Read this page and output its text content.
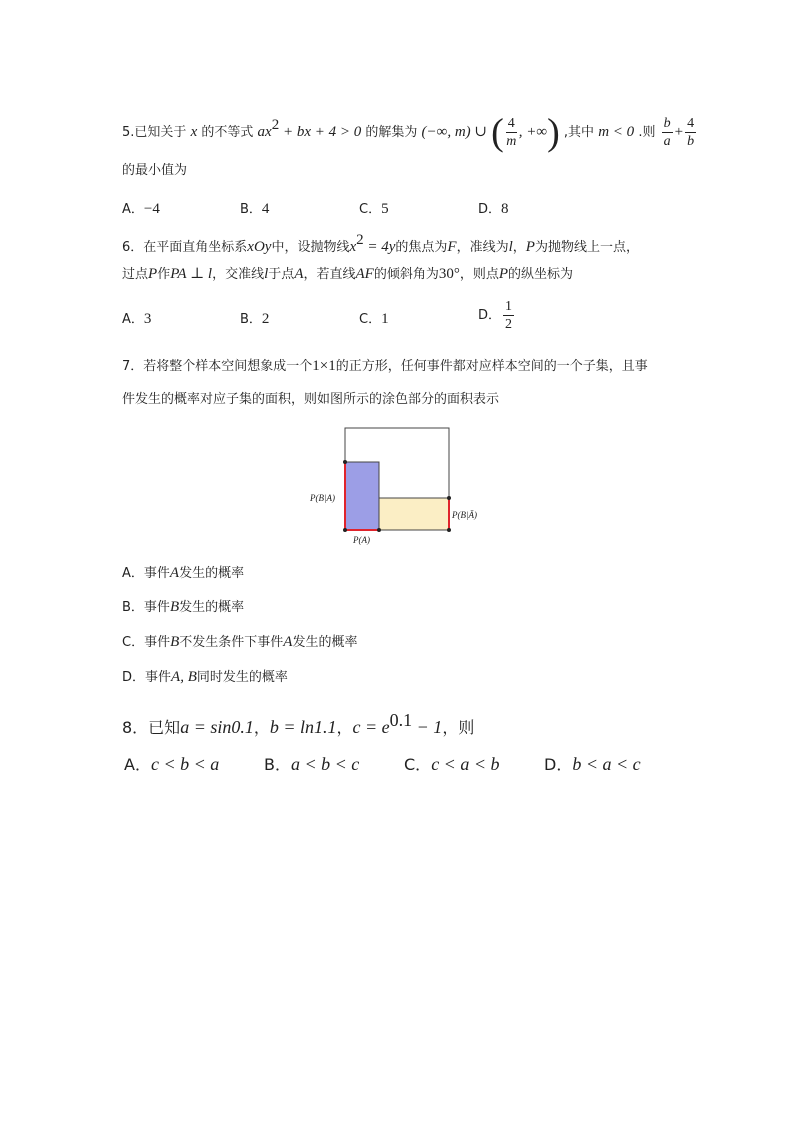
5.已知关于 x 的不等式 $ax^2$ + bx + 4 > 0 的解集为 (−∞, m) ∪ ( $\frac{4}{m}$ , +∞) ,其中 m < 0 .则 $\frac{b}{a} + \frac{4}{b}$
的最小值为
A．−4	B．4	C．5	D．8
6．在平面直角坐标系xOy中，设抛物线$x^2 = 4y$的焦点为F，准线为l，P为抛物线上一点，
过点P作PA ⊥ l，交准线l于点A，若直线AF的倾斜角为30°，则点P的纵坐标为
A．3	B．2	C．1	D． $\frac{1}{2}$
7．若将整个样本空间想象成一个1×1的正方形，任何事件都对应样本空间的一个子集，且事
件发生的概率对应子集的面积，则如图所示的涂色部分的面积表示
P(B|A)
P(B|Ā)
P(A)
A．事件A发生的概率
B．事件B发生的概率
C．事件B不发生条件下事件A发生的概率
D．事件A, B同时发生的概率
8．已知a = sin0.1，b = ln1.1，$c = e^{0.1} - 1$，则
A．c < b < a	B．a < b < c	C．c < a < b	D．b < a < c
